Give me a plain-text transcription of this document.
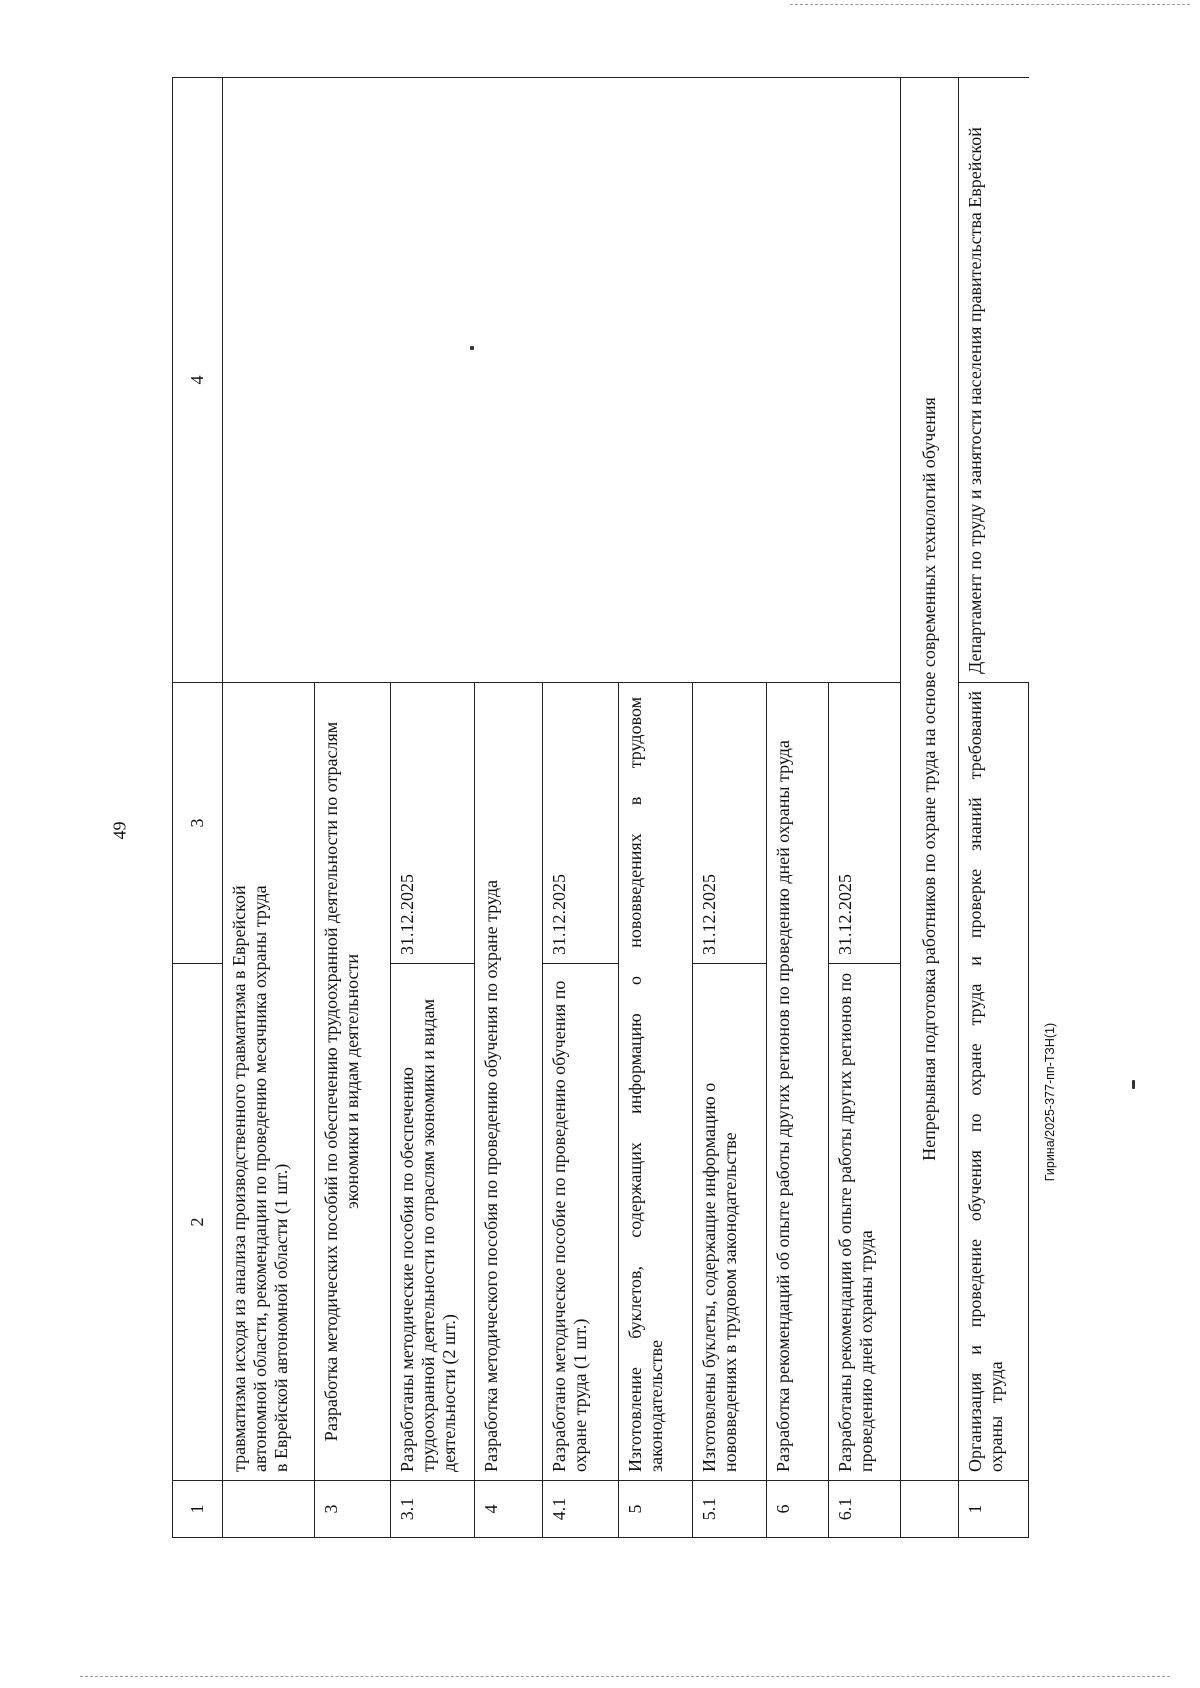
49
1	2	3	4
	травматизма исходя из анализа производственного травматизма в Еврейской автономной области, рекомендации по проведению месячника охраны труда в Еврейской автономной области (1 шт.)		
3	Разработка методических пособий по обеспечению трудоохранной деятельности по отраслям экономики и видам деятельности		
3.1	Разработаны методические пособия по обеспечению трудоохранной деятельности по отраслям экономики и видам деятельности (2 шт.)	31.12.2025	
4	Разработка методического пособия по проведению обучения по охране труда		
4.1	Разработано методическое пособие по проведению обучения по охране труда (1 шт.)	31.12.2025	
5	Изготовление буклетов, содержащих информацию о нововведениях в трудовом законодательстве		
5.1	Изготовлены буклеты, содержащие информацию о нововведениях в трудовом законодательстве	31.12.2025	
6	Разработка рекомендаций об опыте работы других регионов по проведению дней охраны труда		
6.1	Разработаны рекомендации об опыте работы других регионов по проведению дней охраны труда	31.12.2025	
	Непрерывная подготовка работников по охране труда на основе современных технологий обучения		
1	Организация и проведение обучения по охране труда и проверке знаний требований охраны труда		Департамент по труду и занятости населения правительства Еврейской
Гирина/2025-377-пп-ТЗН(1)
